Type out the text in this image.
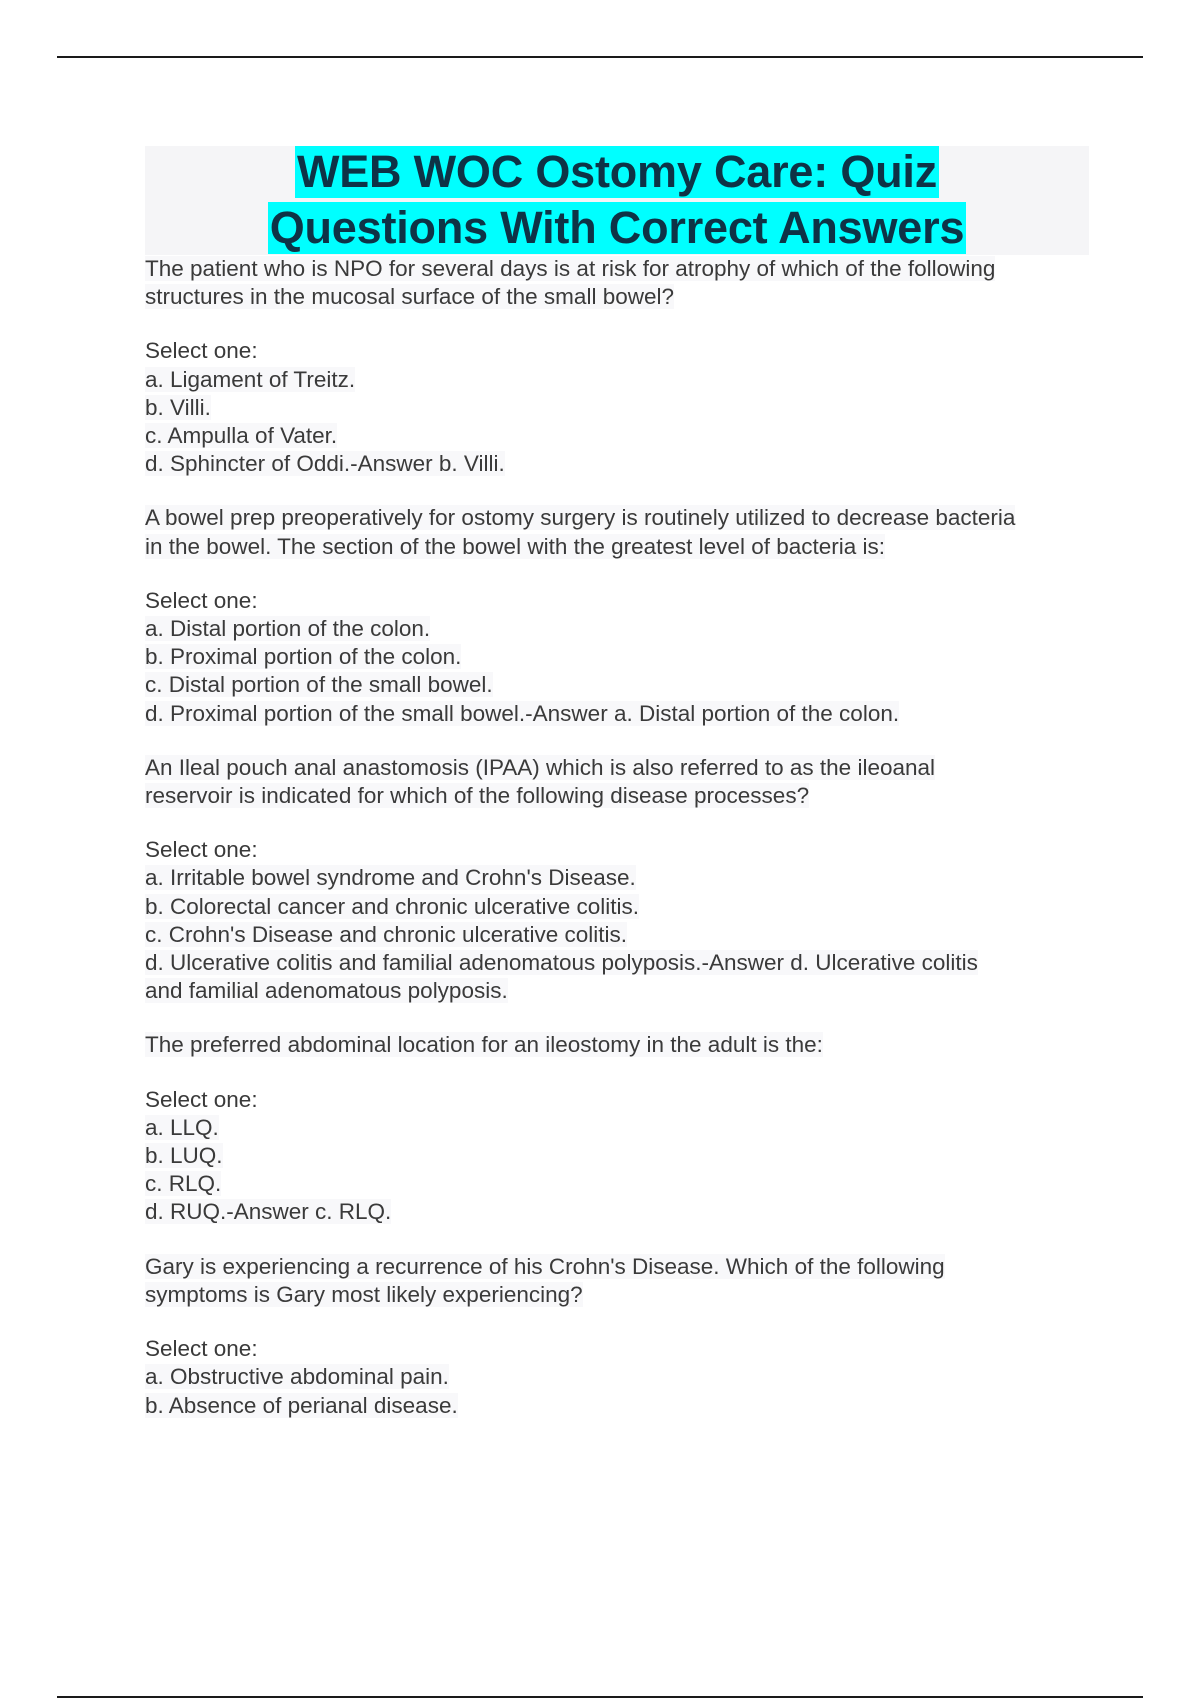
WEB WOC Ostomy Care: Quiz
Questions With Correct Answers
The patient who is NPO for several days is at risk for atrophy of which of the following
structures in the mucosal surface of the small bowel?
Select one:
a. Ligament of Treitz.
b. Villi.
c. Ampulla of Vater.
d. Sphincter of Oddi.-Answer b. Villi.
A bowel prep preoperatively for ostomy surgery is routinely utilized to decrease bacteria
in the bowel. The section of the bowel with the greatest level of bacteria is:
Select one:
a. Distal portion of the colon.
b. Proximal portion of the colon.
c. Distal portion of the small bowel.
d. Proximal portion of the small bowel.-Answer a. Distal portion of the colon.
An Ileal pouch anal anastomosis (IPAA) which is also referred to as the ileoanal
reservoir is indicated for which of the following disease processes?
Select one:
a. Irritable bowel syndrome and Crohn's Disease.
b. Colorectal cancer and chronic ulcerative colitis.
c. Crohn's Disease and chronic ulcerative colitis.
d. Ulcerative colitis and familial adenomatous polyposis.-Answer d. Ulcerative colitis
and familial adenomatous polyposis.
The preferred abdominal location for an ileostomy in the adult is the:
Select one:
a. LLQ.
b. LUQ.
c. RLQ.
d. RUQ.-Answer c. RLQ.
Gary is experiencing a recurrence of his Crohn's Disease. Which of the following
symptoms is Gary most likely experiencing?
Select one:
a. Obstructive abdominal pain.
b. Absence of perianal disease.
